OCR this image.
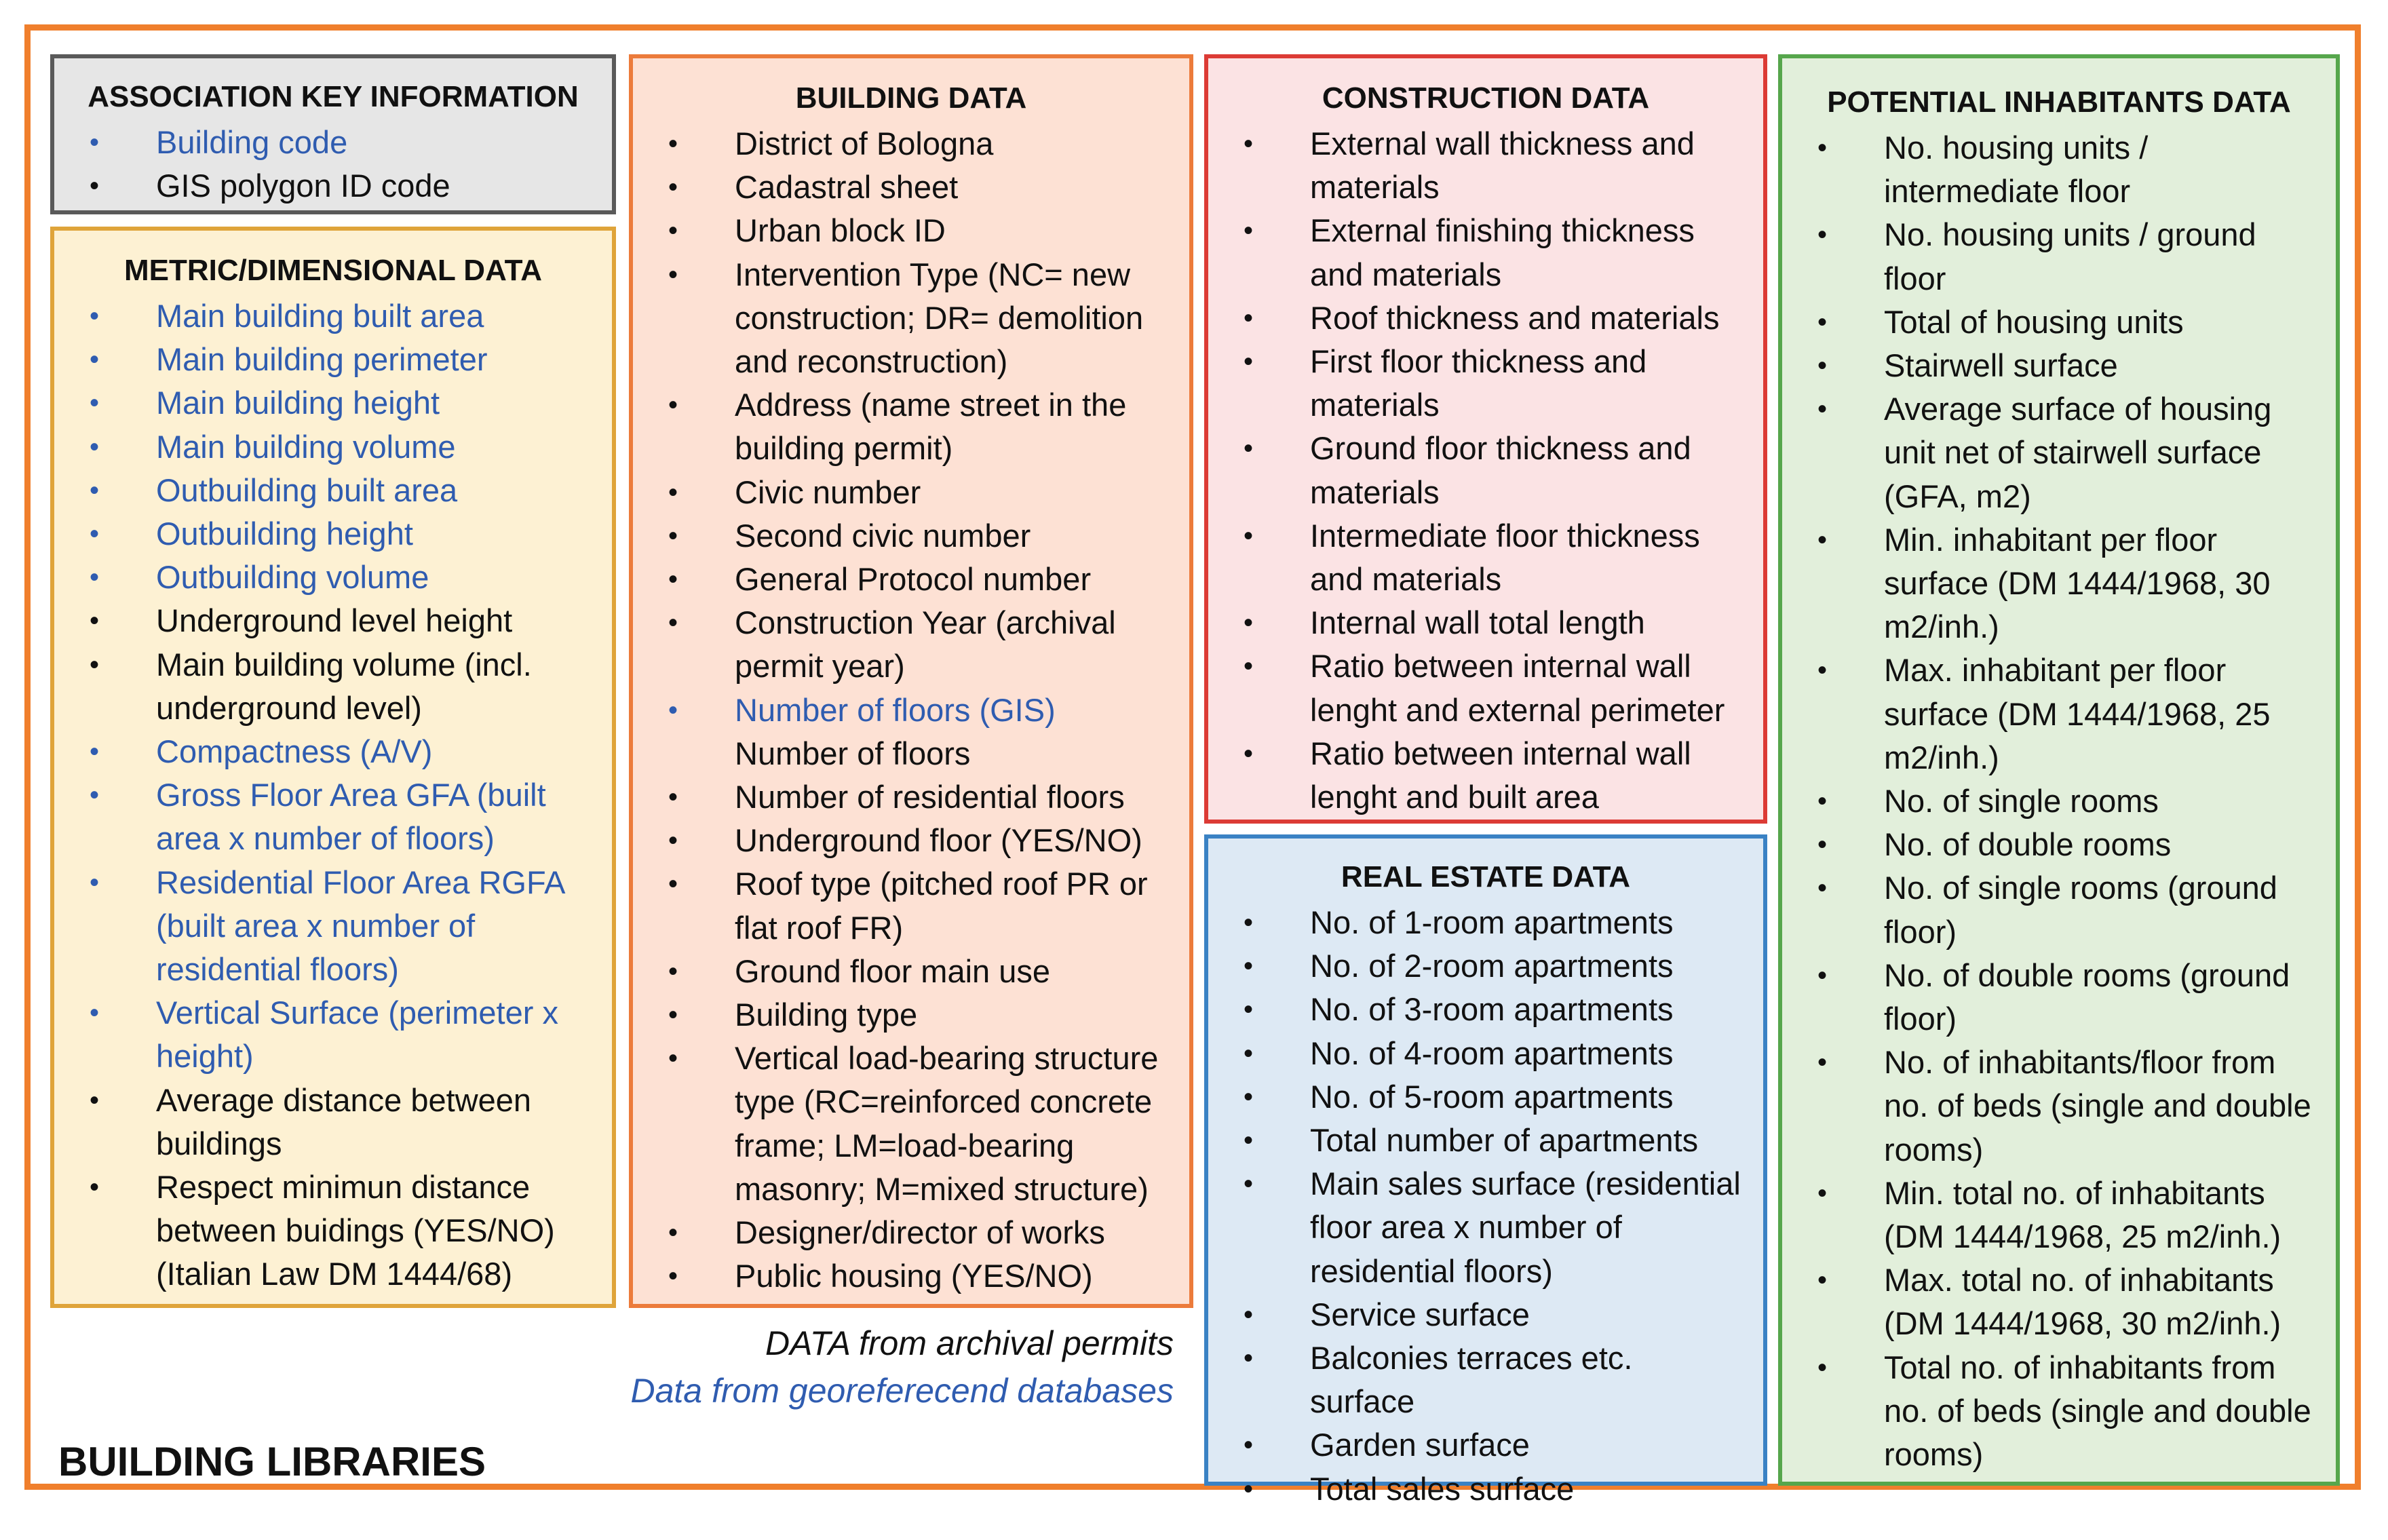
ASSOCIATION KEY INFORMATION
• Building code
• GIS polygon ID code
METRIC/DIMENSIONAL DATA
• Main building built area
• Main building perimeter
• Main building height
• Main building volume
• Outbuilding built area
• Outbuilding height
• Outbuilding volume
• Underground level height
• Main building volume (incl. underground level)
• Compactness (A/V)
• Gross Floor Area GFA (built area x number of floors)
• Residential Floor Area RGFA (built area x number of residential floors)
• Vertical Surface (perimeter x height)
• Average distance between buildings
• Respect minimun distance between buidings (YES/NO) (Italian Law DM 1444/68)
BUILDING DATA
• District of Bologna
• Cadastral sheet
• Urban block ID
• Intervention Type (NC= new construction; DR= demolition and reconstruction)
• Address (name street in the building permit)
• Civic number
• Second civic number
• General Protocol number
• Construction Year (archival permit year)
• Number of floors (GIS)
Number of floors
• Number of residential floors
• Underground floor (YES/NO)
• Roof type (pitched roof PR or flat roof FR)
• Ground floor main use
• Building type
• Vertical load-bearing structure type (RC=reinforced concrete frame; LM=load-bearing masonry; M=mixed structure)
• Designer/director of works
• Public housing (YES/NO)
CONSTRUCTION DATA
• External wall thickness and materials
• External finishing thickness and materials
• Roof thickness and materials
• First floor thickness and materials
• Ground floor thickness and materials
• Intermediate floor thickness and materials
• Internal wall total length
• Ratio between internal wall lenght and external perimeter
• Ratio between internal wall lenght and built area
REAL ESTATE DATA
• No. of 1-room apartments
• No. of 2-room apartments
• No. of 3-room apartments
• No. of 4-room apartments
• No. of 5-room apartments
• Total number of apartments
• Main sales surface (residential floor area x number of residential floors)
• Service surface
• Balconies terraces etc. surface
• Garden surface
• Total sales surface
POTENTIAL INHABITANTS DATA
• No. housing units / intermediate floor
• No. housing units / ground floor
• Total of housing units
• Stairwell surface
• Average surface of housing unit net of stairwell surface (GFA, m2)
• Min. inhabitant per floor surface (DM 1444/1968, 30 m2/inh.)
• Max. inhabitant per floor surface (DM 1444/1968, 25 m2/inh.)
• No. of single rooms
• No. of double rooms
• No. of single rooms (ground floor)
• No. of double rooms (ground floor)
• No. of inhabitants/floor from no. of beds (single and double rooms)
• Min. total no. of inhabitants (DM 1444/1968, 25 m2/inh.)
• Max. total no. of inhabitants (DM 1444/1968, 30 m2/inh.)
• Total no. of inhabitants from no. of beds (single and double rooms)
DATA from archival permits
Data from georeferecend databases
BUILDING LIBRARIES
